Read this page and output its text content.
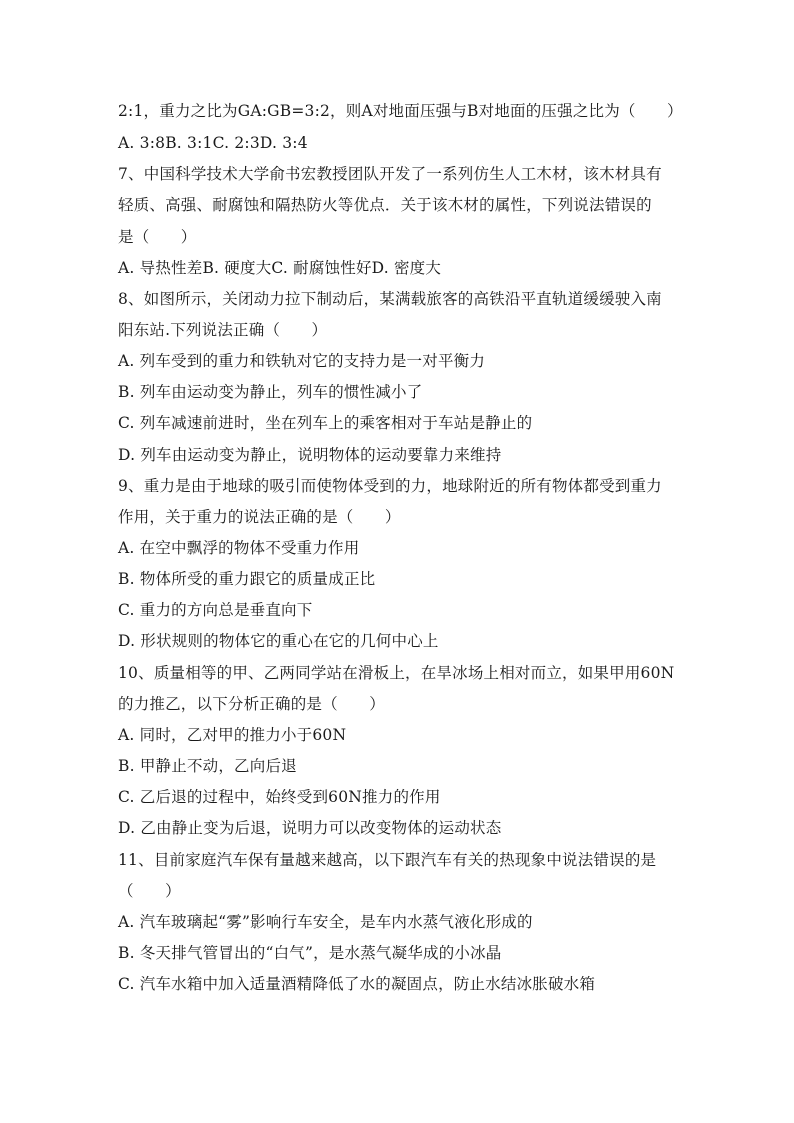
2:1，重力之比为GA:GB=3:2，则A对地面压强与B对地面的压强之比为（　　）
A. 3:8B. 3:1C. 2:3D. 3:4
7、中国科学技术大学俞书宏教授团队开发了一系列仿生人工木材，该木材具有
轻质、高强、耐腐蚀和隔热防火等优点．关于该木材的属性，下列说法错误的
是（　　）
A. 导热性差B. 硬度大C. 耐腐蚀性好D. 密度大
8、如图所示，关闭动力拉下制动后，某满载旅客的高铁沿平直轨道缓缓驶入南
阳东站.下列说法正确（　　）
A. 列车受到的重力和铁轨对它的支持力是一对平衡力
B. 列车由运动变为静止，列车的惯性减小了
C. 列车减速前进时，坐在列车上的乘客相对于车站是静止的
D. 列车由运动变为静止，说明物体的运动要靠力来维持
9、重力是由于地球的吸引而使物体受到的力，地球附近的所有物体都受到重力
作用，关于重力的说法正确的是（　　）
A. 在空中飘浮的物体不受重力作用
B. 物体所受的重力跟它的质量成正比
C. 重力的方向总是垂直向下
D. 形状规则的物体它的重心在它的几何中心上
10、质量相等的甲、乙两同学站在滑板上，在旱冰场上相对而立，如果甲用60N
的力推乙，以下分析正确的是（　　）
A. 同时，乙对甲的推力小于60N
B. 甲静止不动，乙向后退
C. 乙后退的过程中，始终受到60N推力的作用
D. 乙由静止变为后退，说明力可以改变物体的运动状态
11、目前家庭汽车保有量越来越高，以下跟汽车有关的热现象中说法错误的是
（　　）
A. 汽车玻璃起“雾”影响行车安全，是车内水蒸气液化形成的
B. 冬天排气管冒出的“白气”，是水蒸气凝华成的小冰晶
C. 汽车水箱中加入适量酒精降低了水的凝固点，防止水结冰胀破水箱
